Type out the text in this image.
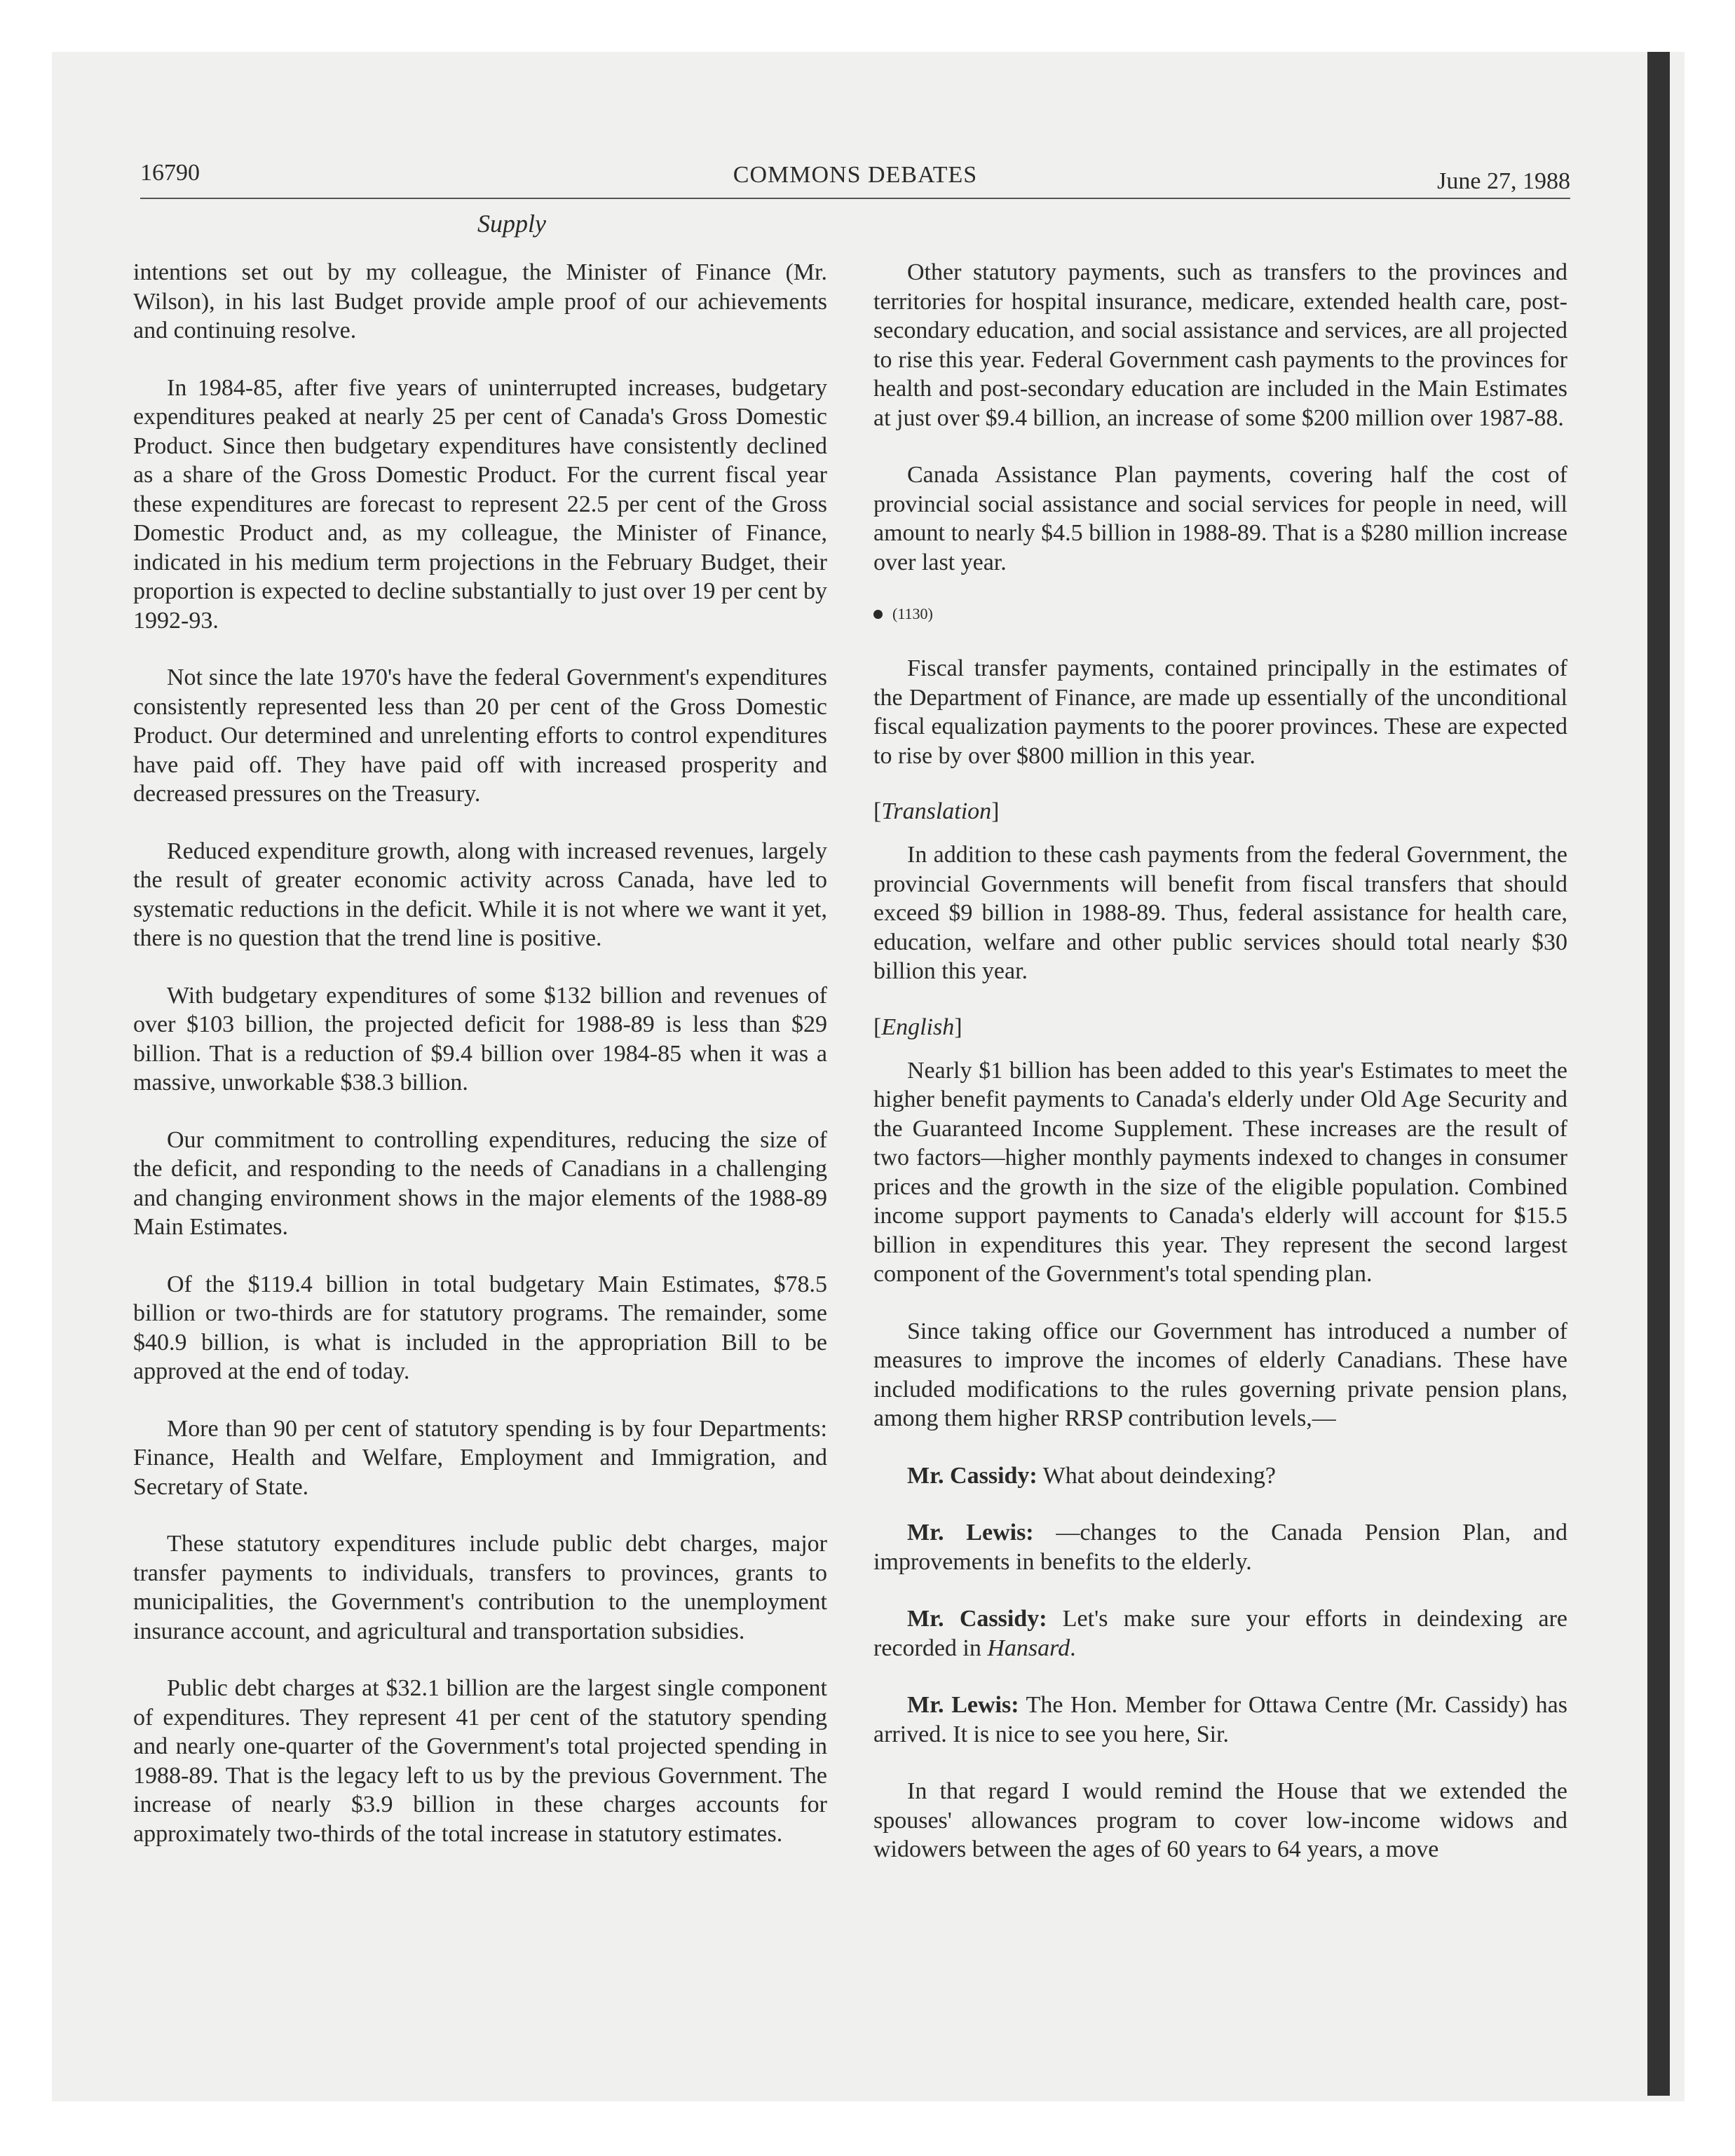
16790	COMMONS DEBATES	June 27, 1988
Supply

intentions set out by my colleague, the Minister of Finance (Mr. Wilson), in his last Budget provide ample proof of our achievements and continuing resolve.

In 1984-85, after five years of uninterrupted increases, budgetary expenditures peaked at nearly 25 per cent of Canada's Gross Domestic Product. Since then budgetary expenditures have consistently declined as a share of the Gross Domestic Product. For the current fiscal year these expenditures are forecast to represent 22.5 per cent of the Gross Domestic Product and, as my colleague, the Minister of Finance, indicated in his medium term projections in the February Budget, their proportion is expected to decline substantially to just over 19 per cent by 1992-93.

Not since the late 1970's have the federal Government's expenditures consistently represented less than 20 per cent of the Gross Domestic Product. Our determined and unrelenting efforts to control expenditures have paid off. They have paid off with increased prosperity and decreased pressures on the Treasury.

Reduced expenditure growth, along with increased revenues, largely the result of greater economic activity across Canada, have led to systematic reductions in the deficit. While it is not where we want it yet, there is no question that the trend line is positive.

With budgetary expenditures of some $132 billion and revenues of over $103 billion, the projected deficit for 1988-89 is less than $29 billion. That is a reduction of $9.4 billion over 1984-85 when it was a massive, unworkable $38.3 billion.

Our commitment to controlling expenditures, reducing the size of the deficit, and responding to the needs of Canadians in a challenging and changing environment shows in the major elements of the 1988-89 Main Estimates.

Of the $119.4 billion in total budgetary Main Estimates, $78.5 billion or two-thirds are for statutory programs. The remainder, some $40.9 billion, is what is included in the appropriation Bill to be approved at the end of today.

More than 90 per cent of statutory spending is by four Departments: Finance, Health and Welfare, Employment and Immigration, and Secretary of State.

These statutory expenditures include public debt charges, major transfer payments to individuals, transfers to provinces, grants to municipalities, the Government's contribution to the unemployment insurance account, and agricultural and transportation subsidies.

Public debt charges at $32.1 billion are the largest single component of expenditures. They represent 41 per cent of the statutory spending and nearly one-quarter of the Government's total projected spending in 1988-89. That is the legacy left to us by the previous Government. The increase of nearly $3.9 billion in these charges accounts for approximately two-thirds of the total increase in statutory estimates.

Other statutory payments, such as transfers to the provinces and territories for hospital insurance, medicare, extended health care, post-secondary education, and social assistance and services, are all projected to rise this year. Federal Government cash payments to the provinces for health and post-secondary education are included in the Main Estimates at just over $9.4 billion, an increase of some $200 million over 1987-88.

Canada Assistance Plan payments, covering half the cost of provincial social assistance and social services for people in need, will amount to nearly $4.5 billion in 1988-89. That is a $280 million increase over last year.

(1130)

Fiscal transfer payments, contained principally in the estimates of the Department of Finance, are made up essentially of the unconditional fiscal equalization payments to the poorer provinces. These are expected to rise by over $800 million in this year.

[Translation]

In addition to these cash payments from the federal Government, the provincial Governments will benefit from fiscal transfers that should exceed $9 billion in 1988-89. Thus, federal assistance for health care, education, welfare and other public services should total nearly $30 billion this year.

[English]

Nearly $1 billion has been added to this year's Estimates to meet the higher benefit payments to Canada's elderly under Old Age Security and the Guaranteed Income Supplement. These increases are the result of two factors—higher monthly payments indexed to changes in consumer prices and the growth in the size of the eligible population. Combined income support payments to Canada's elderly will account for $15.5 billion in expenditures this year. They represent the second largest component of the Government's total spending plan.

Since taking office our Government has introduced a number of measures to improve the incomes of elderly Canadians. These have included modifications to the rules governing private pension plans, among them higher RRSP contribution levels,—

Mr. Cassidy: What about deindexing?

Mr. Lewis: —changes to the Canada Pension Plan, and improvements in benefits to the elderly.

Mr. Cassidy: Let's make sure your efforts in deindexing are recorded in Hansard.

Mr. Lewis: The Hon. Member for Ottawa Centre (Mr. Cassidy) has arrived. It is nice to see you here, Sir.

In that regard I would remind the House that we extended the spouses' allowances program to cover low-income widows and widowers between the ages of 60 years to 64 years, a move
